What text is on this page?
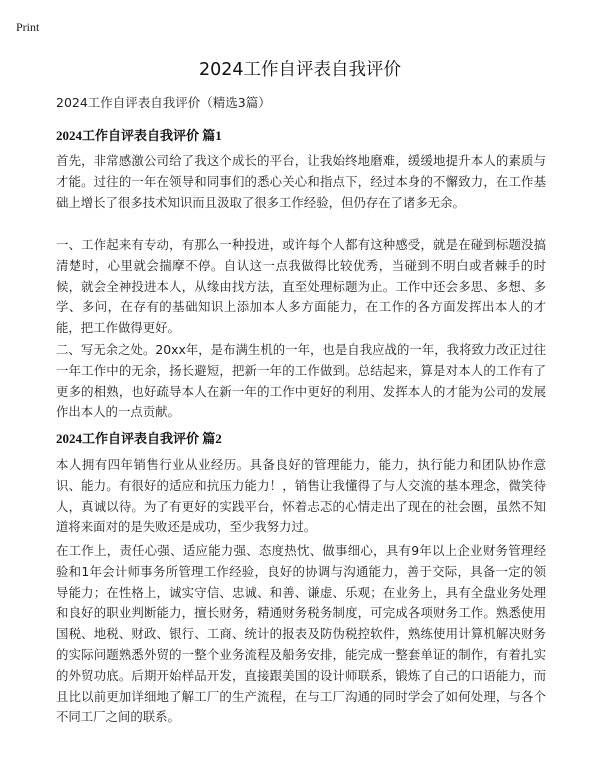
Print
2024工作自评表自我评价

2024工作自评表自我评价（精选3篇）

2024工作自评表自我评价 篇1

首先，非常感激公司给了我这个成长的平台，让我始终地磨难，缓缓地提升本人的素质与才能。过往的一年在领导和同事们的悉心关心和指点下，经过本身的不懈致力，在工作基础上增长了很多技术知识而且汲取了很多工作经验，但仍存在了诸多无余。

一、工作起来有专动，有那么一种投进，或许每个人都有这种感受，就是在碰到标题没搞清楚时，心里就会揣摩不停。自认这一点我做得比较优秀，当碰到不明白或者棘手的时候，就会全神投进本人，从缘由找方法，直至处理标题为止。工作中还会多思、多想、多学、多问，在存有的基础知识上添加本人多方面能力，在工作的各方面发挥出本人的才能，把工作做得更好。

二、写无余之处。20xx年，是布满生机的一年，也是自我应战的一年，我将致力改正过往一年工作中的无余，扬长避短，把新一年的工作做到。总结起来，算是对本人的工作有了更多的相熟，也好疏导本人在新一年的工作中更好的利用、发挥本人的才能为公司的发展作出本人的一点贡献。

2024工作自评表自我评价 篇2

本人拥有四年销售行业从业经历。具备良好的管理能力，能力，执行能力和团队协作意识、能力。有很好的适应和抗压力能力！，销售让我懂得了与人交流的基本理念，微笑待人，真诚以待。为了有更好的实践平台，怀着忐忑的心情走出了现在的社会圈，虽然不知道将来面对的是失败还是成功，至少我努力过。

在工作上，责任心强、适应能力强、态度热忱、做事细心，具有9年以上企业财务管理经验和1年会计师事务所管理工作经验，良好的协调与沟通能力，善于交际，具备一定的领导能力；在性格上，诚实守信、忠诚、和善、谦虚、乐观；在业务上，具有全盘业务处理和良好的职业判断能力，擅长财务，精通财务税务制度，可完成各项财务工作。熟悉使用国税、地税、财政、银行、工商、统计的报表及防伪税控软件，熟练使用计算机解决财务的实际问题熟悉外贸的一整个业务流程及船务安排，能完成一整套单证的制作，有着扎实的外贸功底。后期开始样品开发，直接跟美国的设计师联系，锻炼了自己的口语能力，而且比以前更加详细地了解工厂的生产流程，在与工厂沟通的同时学会了如何处理，与各个不同工厂之间的联系。
